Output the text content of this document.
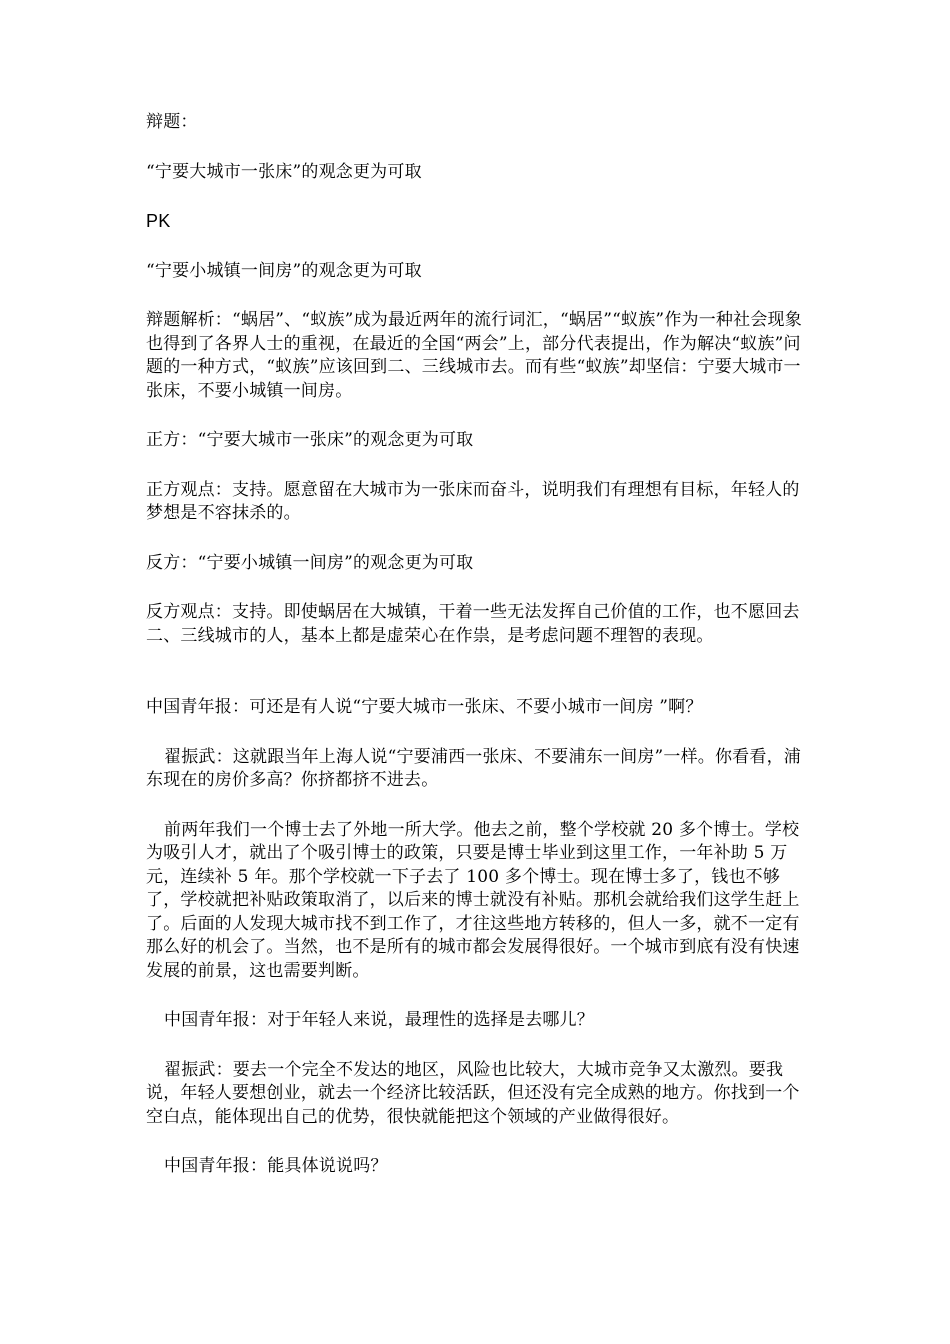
辩题：

“宁要大城市一张床”的观念更为可取

PK

“宁要小城镇一间房”的观念更为可取

辩题解析：“蜗居”、“蚁族”成为最近两年的流行词汇，“蜗居”“蚁族”作为一种社会现象也得到了各界人士的重视，在最近的全国“两会”上，部分代表提出，作为解决“蚁族”问题的一种方式，“蚁族”应该回到二、三线城市去。而有些“蚁族”却坚信：宁要大城市一张床，不要小城镇一间房。

正方：“宁要大城市一张床”的观念更为可取

正方观点：支持。愿意留在大城市为一张床而奋斗，说明我们有理想有目标，年轻人的梦想是不容抹杀的。

反方：“宁要小城镇一间房”的观念更为可取

反方观点：支持。即使蜗居在大城镇，干着一些无法发挥自己价值的工作，也不愿回去二、三线城市的人，基本上都是虚荣心在作祟，是考虑问题不理智的表现。

中国青年报：可还是有人说“宁要大城市一张床、不要小城市一间房 ”啊？

翟振武：这就跟当年上海人说“宁要浦西一张床、不要浦东一间房”一样。你看看，浦东现在的房价多高？你挤都挤不进去。

前两年我们一个博士去了外地一所大学。他去之前，整个学校就 20 多个博士。学校为吸引人才，就出了个吸引博士的政策，只要是博士毕业到这里工作，一年补助 5 万元，连续补 5 年。那个学校就一下子去了 100 多个博士。现在博士多了，钱也不够了，学校就把补贴政策取消了，以后来的博士就没有补贴。那机会就给我们这学生赶上了。后面的人发现大城市找不到工作了，才往这些地方转移的，但人一多，就不一定有那么好的机会了。当然，也不是所有的城市都会发展得很好。一个城市到底有没有快速发展的前景，这也需要判断。

中国青年报：对于年轻人来说，最理性的选择是去哪儿？

翟振武：要去一个完全不发达的地区，风险也比较大，大城市竞争又太激烈。要我说，年轻人要想创业，就去一个经济比较活跃，但还没有完全成熟的地方。你找到一个空白点，能体现出自己的优势，很快就能把这个领域的产业做得很好。

中国青年报：能具体说说吗？
